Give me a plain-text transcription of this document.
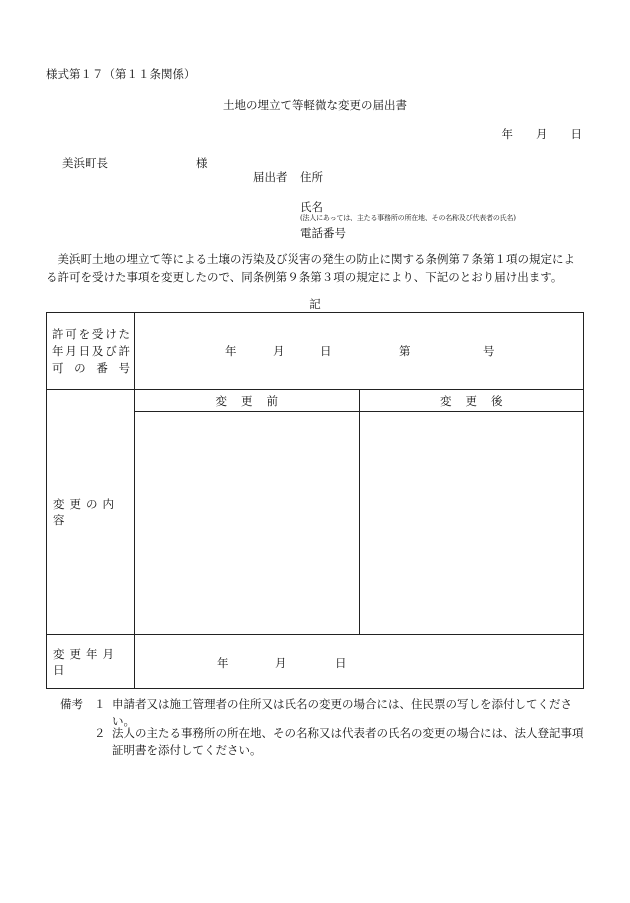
様式第１７（第１１条関係）
土地の埋立て等軽微な変更の届出書
年　　月　　日
美浜町長	様
届出者 住所
氏名
(法人にあっては、主たる事務所の所在地、その名称及び代表者の氏名)
電話番号
美浜町土地の埋立て等による土壌の汚染及び災害の発生の防止に関する条例第７条第１項の規定による許可を受けた事項を変更したので、同条例第９条第３項の規定により、下記のとおり届け出ます。
記
許可を受けた年月日及び許可の番号	年 月 日 第 号	

変更の内容	変更前	変更後

変更年月日	年 月 日	
備考 １ 申請者又は施工管理者の住所又は氏名の変更の場合には、住民票の写しを添付してください。
２ 法人の主たる事務所の所在地、その名称又は代表者の氏名の変更の場合には、法人登記事項証明書を添付してください。
